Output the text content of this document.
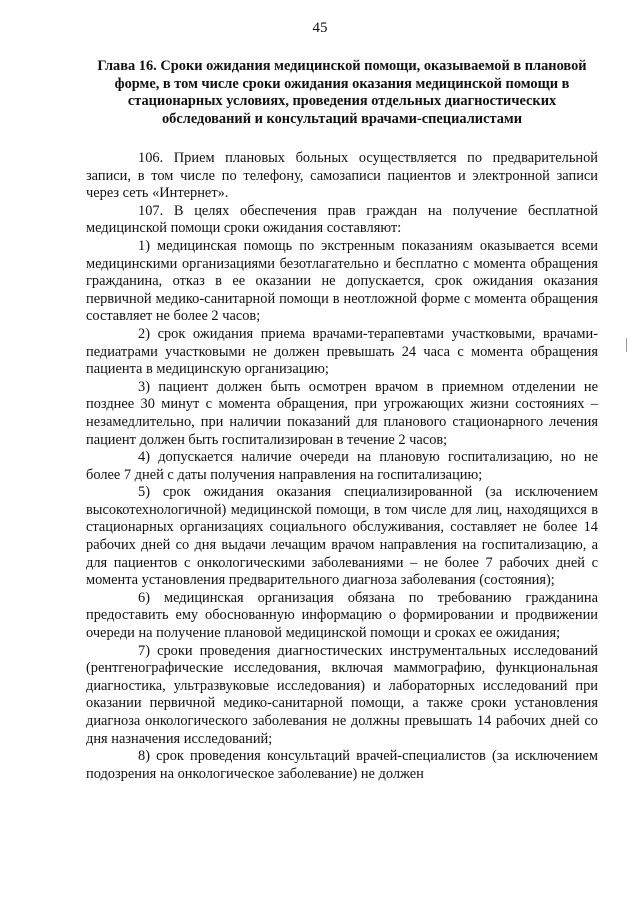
45
Глава 16. Сроки ожидания медицинской помощи, оказываемой в плановой форме, в том числе сроки ожидания оказания медицинской помощи в стационарных условиях, проведения отдельных диагностических обследований и консультаций врачами-специалистами

106. Прием плановых больных осуществляется по предварительной записи, в том числе по телефону, самозаписи пациентов и электронной записи через сеть «Интернет».

107. В целях обеспечения прав граждан на получение бесплатной медицинской помощи сроки ожидания составляют:

1) медицинская помощь по экстренным показаниям оказывается всеми медицинскими организациями безотлагательно и бесплатно с момента обращения гражданина, отказ в ее оказании не допускается, срок ожидания оказания первичной медико-санитарной помощи в неотложной форме с момента обращения составляет не более 2 часов;

2) срок ожидания приема врачами-терапевтами участковыми, врачами-педиатрами участковыми не должен превышать 24 часа с момента обращения пациента в медицинскую организацию;

3) пациент должен быть осмотрен врачом в приемном отделении не позднее 30 минут с момента обращения, при угрожающих жизни состояниях – незамедлительно, при наличии показаний для планового стационарного лечения пациент должен быть госпитализирован в течение 2 часов;

4) допускается наличие очереди на плановую госпитализацию, но не более 7 дней с даты получения направления на госпитализацию;

5) срок ожидания оказания специализированной (за исключением высокотехнологичной) медицинской помощи, в том числе для лиц, находящихся в стационарных организациях социального обслуживания, составляет не более 14 рабочих дней со дня выдачи лечащим врачом направления на госпитализацию, а для пациентов с онкологическими заболеваниями – не более 7 рабочих дней с момента установления предварительного диагноза заболевания (состояния);

6) медицинская организация обязана по требованию гражданина предоставить ему обоснованную информацию о формировании и продвижении очереди на получение плановой медицинской помощи и сроках ее ожидания;

7) сроки проведения диагностических инструментальных исследований (рентгенографические исследования, включая маммографию, функциональная диагностика, ультразвуковые исследования) и лабораторных исследований при оказании первичной медико-санитарной помощи, а также сроки установления диагноза онкологического заболевания не должны превышать 14 рабочих дней со дня назначения исследований;

8) срок проведения консультаций врачей-специалистов (за исключением подозрения на онкологическое заболевание) не должен
